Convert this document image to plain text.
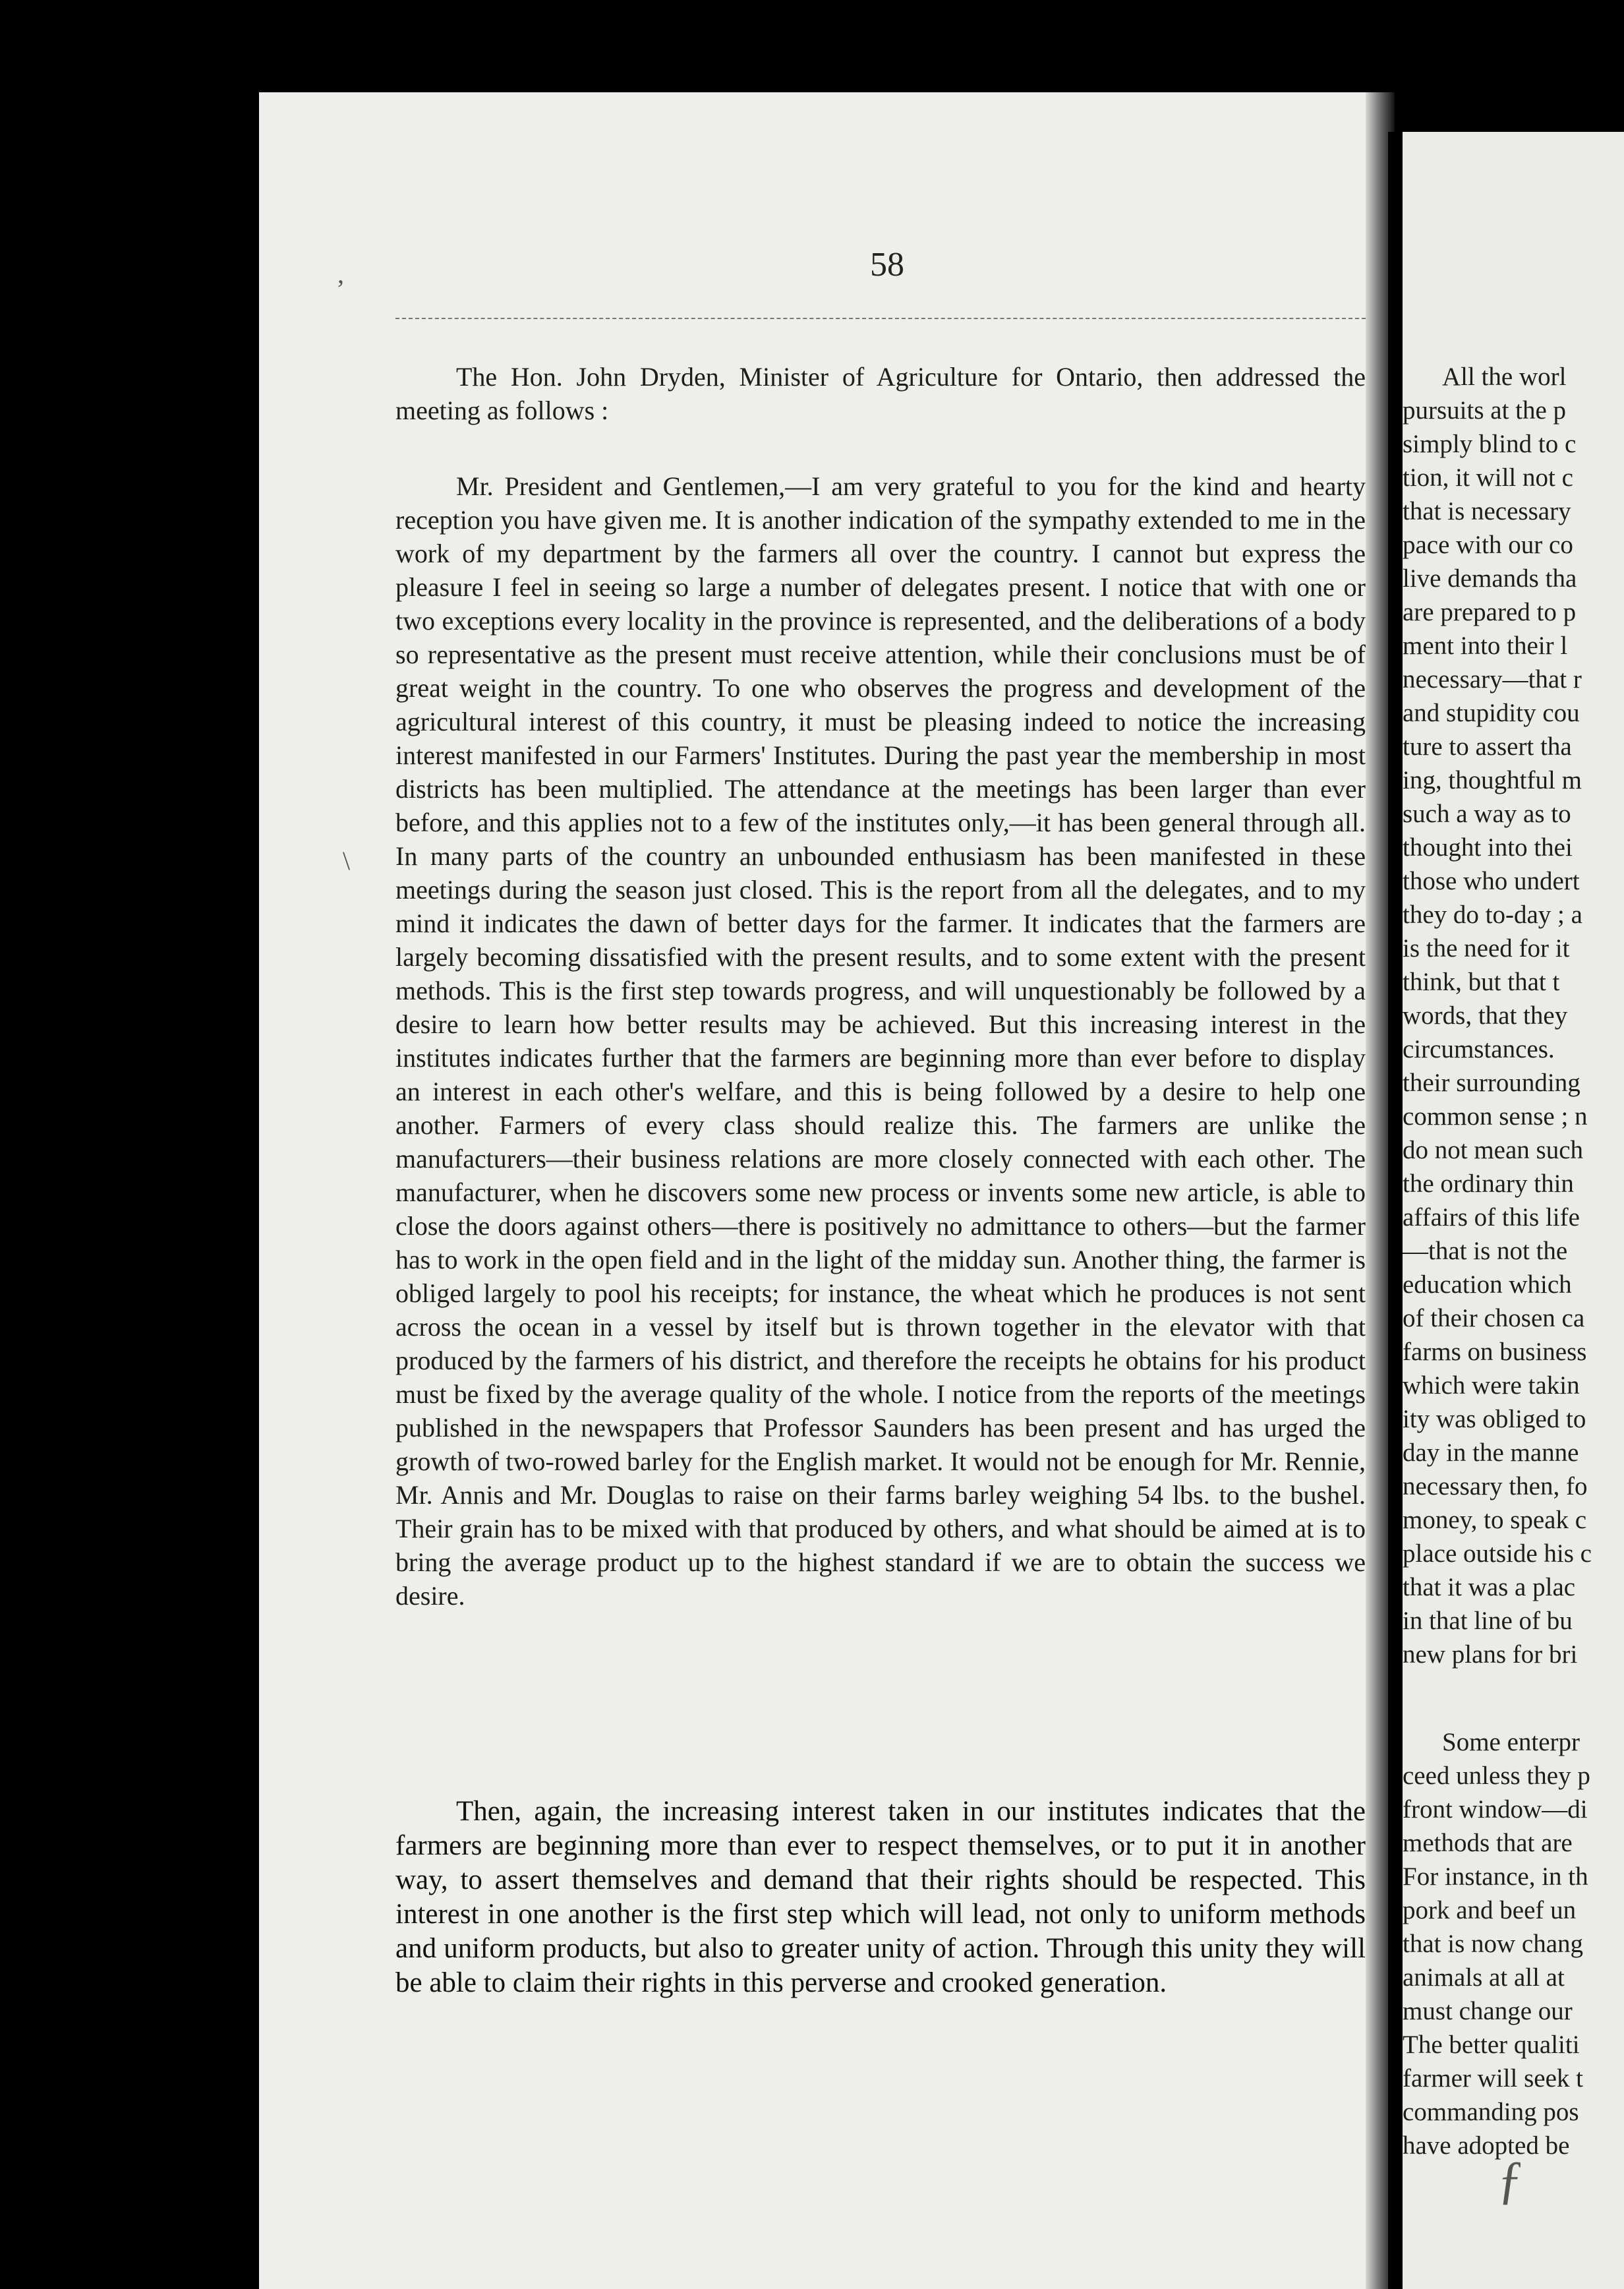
58

The Hon. John Dryden, Minister of Agriculture for Ontario, then addressed the meeting as follows :

Mr. President and Gentlemen,—I am very grateful to you for the kind and hearty reception you have given me. It is another indication of the sympathy extended to me in the work of my department by the farmers all over the country. I cannot but express the pleasure I feel in seeing so large a number of delegates present. I notice that with one or two exceptions every locality in the province is represented, and the deliberations of a body so representative as the present must receive attention, while their conclusions must be of great weight in the country. To one who observes the progress and development of the agricultural interest of this country, it must be pleasing indeed to notice the increasing interest manifested in our Farmers' Institutes. During the past year the membership in most districts has been multiplied. The attendance at the meetings has been larger than ever before, and this applies not to a few of the institutes only,—it has been general through all. In many parts of the country an unbounded enthusiasm has been manifested in these meetings during the season just closed. This is the report from all the delegates, and to my mind it indicates the dawn of better days for the farmer. It indicates that the farmers are largely becoming dissatisfied with the present results, and to some extent with the present methods. This is the first step towards progress, and will unquestionably be followed by a desire to learn how better results may be achieved. But this increasing interest in the institutes indicates further that the farmers are beginning more than ever before to display an interest in each other's welfare, and this is being followed by a desire to help one another. Farmers of every class should realize this. The farmers are unlike the manufacturers—their business relations are more closely connected with each other. The manufacturer, when he discovers some new process or invents some new article, is able to close the doors against others—there is positively no admittance to others—but the farmer has to work in the open field and in the light of the midday sun. Another thing, the farmer is obliged largely to pool his receipts; for instance, the wheat which he produces is not sent across the ocean in a vessel by itself but is thrown together in the elevator with that produced by the farmers of his district, and therefore the receipts he obtains for his product must be fixed by the average quality of the whole. I notice from the reports of the meetings published in the newspapers that Professor Saunders has been present and has urged the growth of two-rowed barley for the English market. It would not be enough for Mr. Rennie, Mr. Annis and Mr. Douglas to raise on their farms barley weighing 54 lbs. to the bushel. Their grain has to be mixed with that produced by others, and what should be aimed at is to bring the average product up to the highest standard if we are to obtain the success we desire.

Then, again, the increasing interest taken in our institutes indicates that the farmers are beginning more than ever to respect themselves, or to put it in another way, to assert themselves and demand that their rights should be respected. This interest in one another is the first step which will lead, not only to uniform methods and uniform products, but also to greater unity of action. Through this unity they will be able to claim their rights in this perverse and crooked generation.

All the worl
pursuits at the p
simply blind to c
tion, it will not c
that is necessary
pace with our co
live demands tha
are prepared to p
ment into their l
necessary—that r
and stupidity cou
ture to assert tha
ing, thoughtful m
such a way as to
thought into thei
those who undert
they do to-day ; a
is the need for it
think, but that t
words, that they
circumstances.
their surrounding
common sense ; n
do not mean such
the ordinary thin
affairs of this life
—that is not the
education which
of their chosen ca
farms on business
which were takin
ity was obliged to
day in the manne
necessary then, fo
money, to speak c
place outside his c
that it was a plac
in that line of bu
new plans for bri
Some enterpr
ceed unless they p
front window—di
methods that are
For instance, in th
pork and beef un
that is now chang
animals at all at
must change our
The better qualiti
farmer will seek t
commanding pos
have adopted be
,
\
ƒ
